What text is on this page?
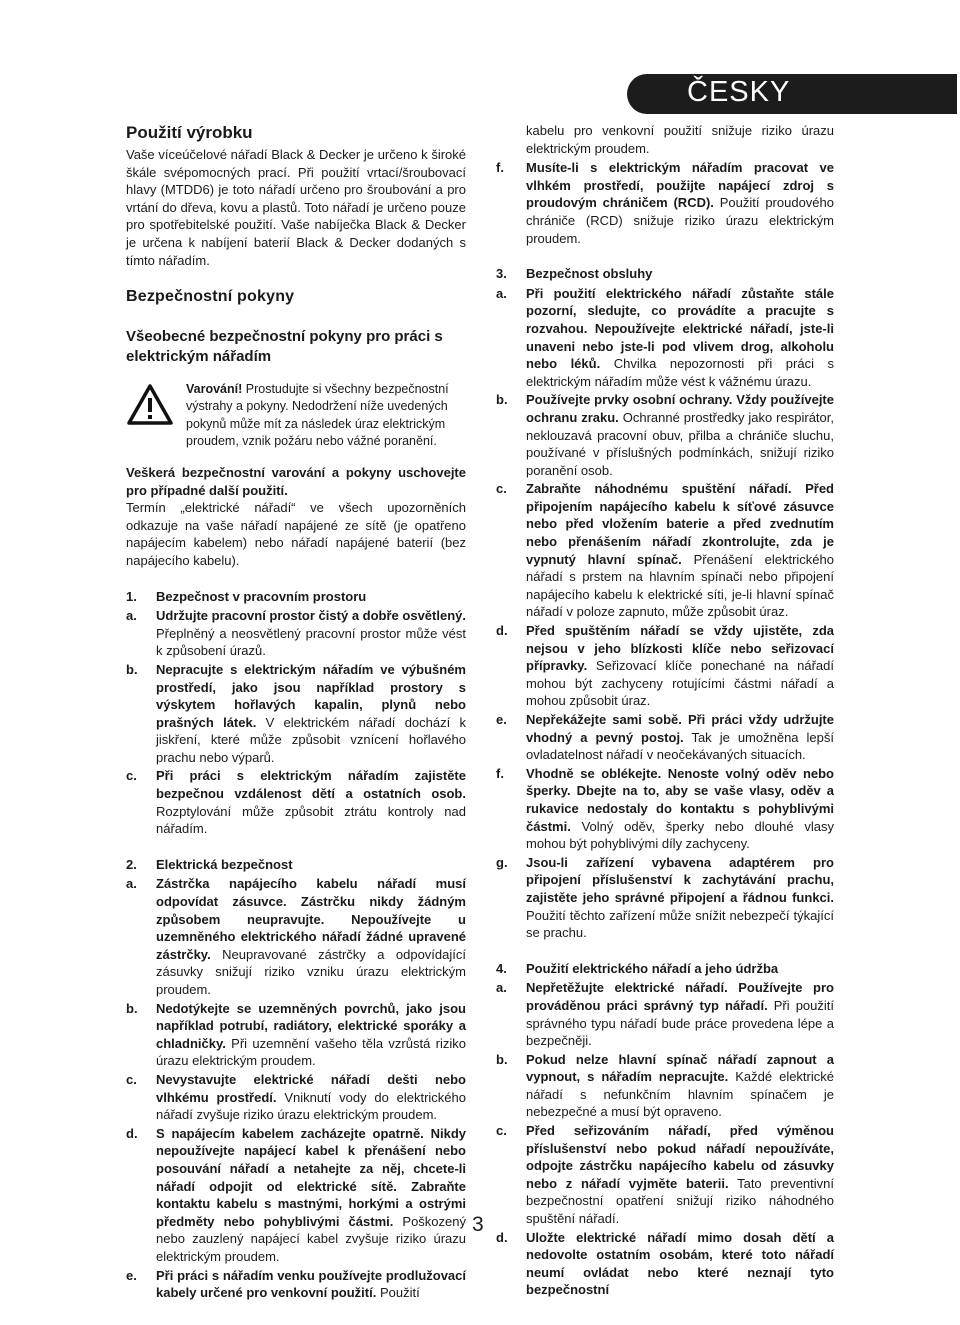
ČESKY
Použití výrobku

Vaše víceúčelové nářadí Black & Decker je určeno k široké škále svépomocných prací. Při použití vrtací/šroubovací hlavy (MTDD6) je toto nářadí určeno pro šroubování a pro vrtání do dřeva, kovu a plastů. Toto nářadí je určeno pouze pro spotřebitelské použití. Vaše nabíječka Black & Decker je určena k nabíjení baterií Black & Decker dodaných s tímto nářadím.

Bezpečnostní pokyny
Všeobecné bezpečnostní pokyny pro práci s elektrickým nářadím
Varování! Prostudujte si všechny bezpečnostní výstrahy a pokyny. Nedodržení níže uvedených pokynů může mít za následek úraz elektrickým proudem, vznik požáru nebo vážné poranění.

Veškerá bezpečnostní varování a pokyny uschovejte pro případné další použití.

Termín „elektrické nářadí“ ve všech upozorněních odkazuje na vaše nářadí napájené ze sítě (je opatřeno napájecím kabelem) nebo nářadí napájené baterií (bez napájecího kabelu).

1.	Bezpečnost v pracovním prostoru
a.	Udržujte pracovní prostor čistý a dobře osvětlený. Přeplněný a neosvětlený pracovní prostor může vést k způsobení úrazů.

b.	Nepracujte s elektrickým nářadím ve výbušném prostředí, jako jsou například prostory s výskytem hořlavých kapalin, plynů nebo prašných látek. V elektrickém nářadí dochází k jiskření, které může způsobit vznícení hořlavého prachu nebo výparů.

c.	Při práci s elektrickým nářadím zajistěte bezpečnou vzdálenost dětí a ostatních osob. Rozptylování může způsobit ztrátu kontroly nad nářadím.

2.	Elektrická bezpečnost
a.	Zástrčka napájecího kabelu nářadí musí odpovídat zásuvce. Zástrčku nikdy žádným způsobem neupravujte. Nepoužívejte u uzemněného elektrického nářadí žádné upravené zástrčky. Neupravované zástrčky a odpovídající zásuvky snižují riziko vzniku úrazu elektrickým proudem.

b.	Nedotýkejte se uzemněných povrchů, jako jsou například potrubí, radiátory, elektrické sporáky a chladničky. Při uzemnění vašeho těla vzrůstá riziko úrazu elektrickým proudem.

c.	Nevystavujte elektrické nářadí dešti nebo vlhkému prostředí. Vniknutí vody do elektrického nářadí zvyšuje riziko úrazu elektrickým proudem.

d.	S napájecím kabelem zacházejte opatrně. Nikdy nepoužívejte napájecí kabel k přenášení nebo posouvání nářadí a netahejte za něj, chcete-li nářadí odpojit od elektrické sítě. Zabraňte kontaktu kabelu s mastnými, horkými a ostrými předměty nebo pohyblivými částmi. Poškozený nebo zauzlený napájecí kabel zvyšuje riziko úrazu elektrickým proudem.

e.	Při práci s nářadím venku používejte prodlužovací kabely určené pro venkovní použití. Použití

kabelu pro venkovní použití snižuje riziko úrazu elektrickým proudem.

f.	Musíte-li s elektrickým nářadím pracovat ve vlhkém prostředí, použijte napájecí zdroj s proudovým chráničem (RCD). Použití proudového chrániče (RCD) snižuje riziko úrazu elektrickým proudem.

3.	Bezpečnost obsluhy
a.	Při použití elektrického nářadí zůstaňte stále pozorní, sledujte, co provádíte a pracujte s rozvahou. Nepoužívejte elektrické nářadí, jste-li unaveni nebo jste-li pod vlivem drog, alkoholu nebo léků. Chvilka nepozornosti při práci s elektrickým nářadím může vést k vážnému úrazu.

b.	Používejte prvky osobní ochrany. Vždy používejte ochranu zraku. Ochranné prostředky jako respirátor, neklouzavá pracovní obuv, přilba a chrániče sluchu, používané v příslušných podmínkách, snižují riziko poranění osob.

c.	Zabraňte náhodnému spuštění nářadí. Před připojením napájecího kabelu k síťové zásuvce nebo před vložením baterie a před zvednutím nebo přenášením nářadí zkontrolujte, zda je vypnutý hlavní spínač. Přenášení elektrického nářadí s prstem na hlavním spínači nebo připojení napájecího kabelu k elektrické síti, je-li hlavní spínač nářadí v poloze zapnuto, může způsobit úraz.

d.	Před spuštěním nářadí se vždy ujistěte, zda nejsou v jeho blízkosti klíče nebo seřizovací přípravky. Seřizovací klíče ponechané na nářadí mohou být zachyceny rotujícími částmi nářadí a mohou způsobit úraz.

e.	Nepřekážejte sami sobě. Při práci vždy udržujte vhodný a pevný postoj. Tak je umožněna lepší ovladatelnost nářadí v neočekávaných situacích.

f.	Vhodně se oblékejte. Nenoste volný oděv nebo šperky. Dbejte na to, aby se vaše vlasy, oděv a rukavice nedostaly do kontaktu s pohyblivými částmi. Volný oděv, šperky nebo dlouhé vlasy mohou být pohyblivými díly zachyceny.

g.	Jsou-li zařízení vybavena adaptérem pro připojení příslušenství k zachytávání prachu, zajistěte jeho správné připojení a řádnou funkci. Použití těchto zařízení může snížit nebezpečí týkající se prachu.

4.	Použití elektrického nářadí a jeho údržba
a.	Nepřetěžujte elektrické nářadí. Používejte pro prováděnou práci správný typ nářadí. Při použití správného typu nářadí bude práce provedena lépe a bezpečněji.

b.	Pokud nelze hlavní spínač nářadí zapnout a vypnout, s nářadím nepracujte. Každé elektrické nářadí s nefunkčním hlavním spínačem je nebezpečné a musí být opraveno.

c.	Před seřizováním nářadí, před výměnou příslušenství nebo pokud nářadí nepoužíváte, odpojte zástrčku napájecího kabelu od zásuvky nebo z nářadí vyjměte baterii. Tato preventivní bezpečnostní opatření snižují riziko náhodného spuštění nářadí.

d.	Uložte elektrické nářadí mimo dosah dětí a nedovolte ostatním osobám, které toto nářadí neumí ovládat nebo které neznají tyto bezpečnostní

3
